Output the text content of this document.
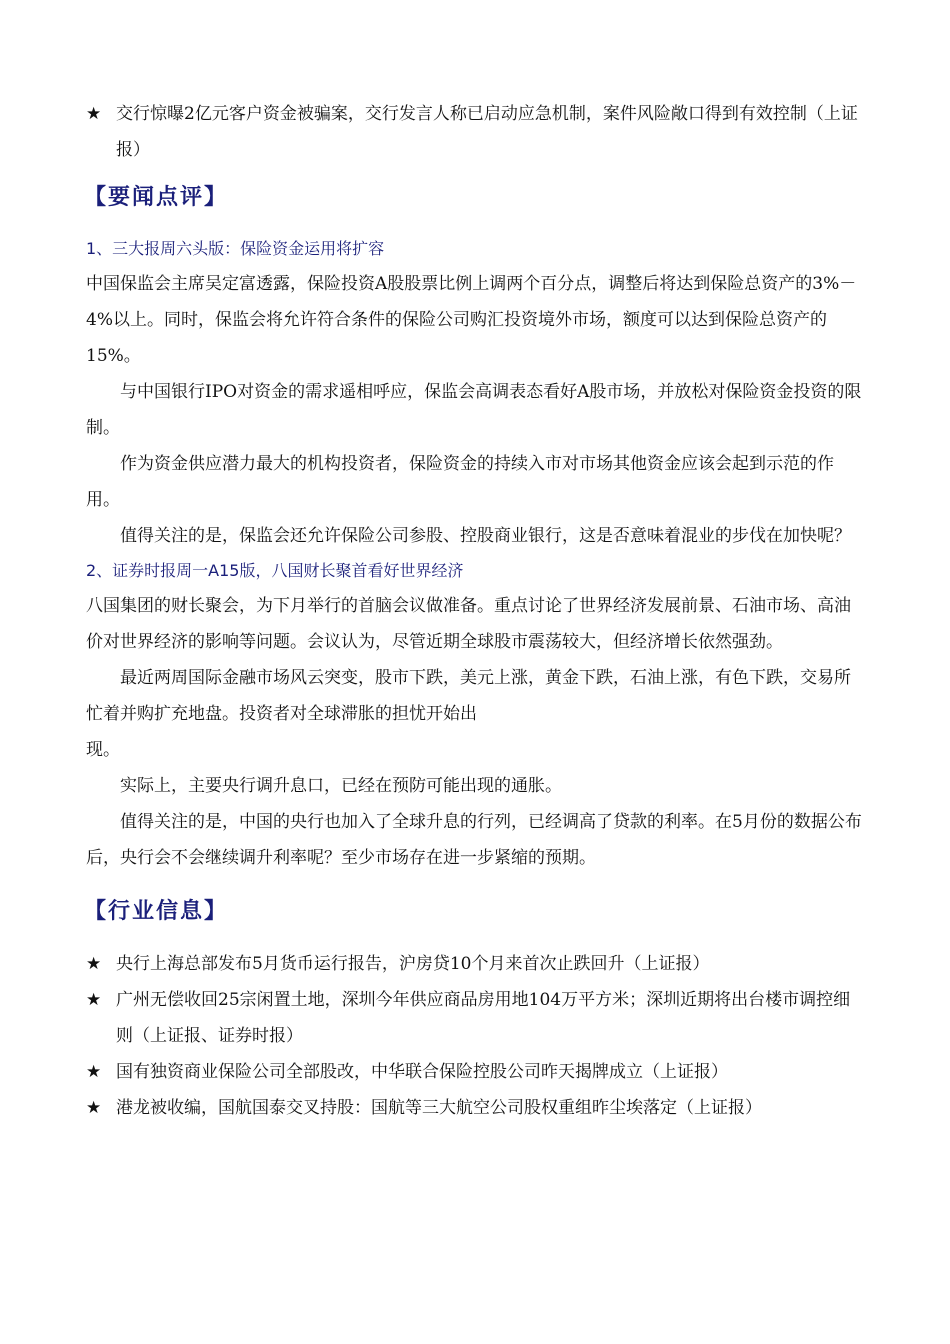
★ 交行惊曝2亿元客户资金被骗案，交行发言人称已启动应急机制，案件风险敞口得到有效控制（上证报）
【要闻点评】

1、三大报周六头版：保险资金运用将扩容

中国保监会主席吴定富透露，保险投资A股股票比例上调两个百分点，调整后将达到保险总资产的3%－4%以上。同时，保监会将允许符合条件的保险公司购汇投资境外市场，额度可以达到保险总资产的15%。

与中国银行IPO对资金的需求遥相呼应，保监会高调表态看好A股市场，并放松对保险资金投资的限制。

作为资金供应潜力最大的机构投资者，保险资金的持续入市对市场其他资金应该会起到示范的作用。

值得关注的是，保监会还允许保险公司参股、控股商业银行，这是否意味着混业的步伐在加快呢？

2、证券时报周一A15版，八国财长聚首看好世界经济

八国集团的财长聚会，为下月举行的首脑会议做准备。重点讨论了世界经济发展前景、石油市场、高油价对世界经济的影响等问题。会议认为，尽管近期全球股市震荡较大，但经济增长依然强劲。

最近两周国际金融市场风云突变，股市下跌，美元上涨，黄金下跌，石油上涨，有色下跌，交易所忙着并购扩充地盘。投资者对全球滞胀的担忧开始出

现。

实际上，主要央行调升息口，已经在预防可能出现的通胀。

值得关注的是，中国的央行也加入了全球升息的行列，已经调高了贷款的利率。在5月份的数据公布后，央行会不会继续调升利率呢？至少市场存在进一步紧缩的预期。

【行业信息】
★ 央行上海总部发布5月货币运行报告，沪房贷10个月来首次止跌回升（上证报）
★ 广州无偿收回25宗闲置土地，深圳今年供应商品房用地104万平方米；深圳近期将出台楼市调控细则（上证报、证券时报）
★ 国有独资商业保险公司全部股改，中华联合保险控股公司昨天揭牌成立（上证报）
★ 港龙被收编，国航国泰交叉持股：国航等三大航空公司股权重组昨尘埃落定（上证报）
